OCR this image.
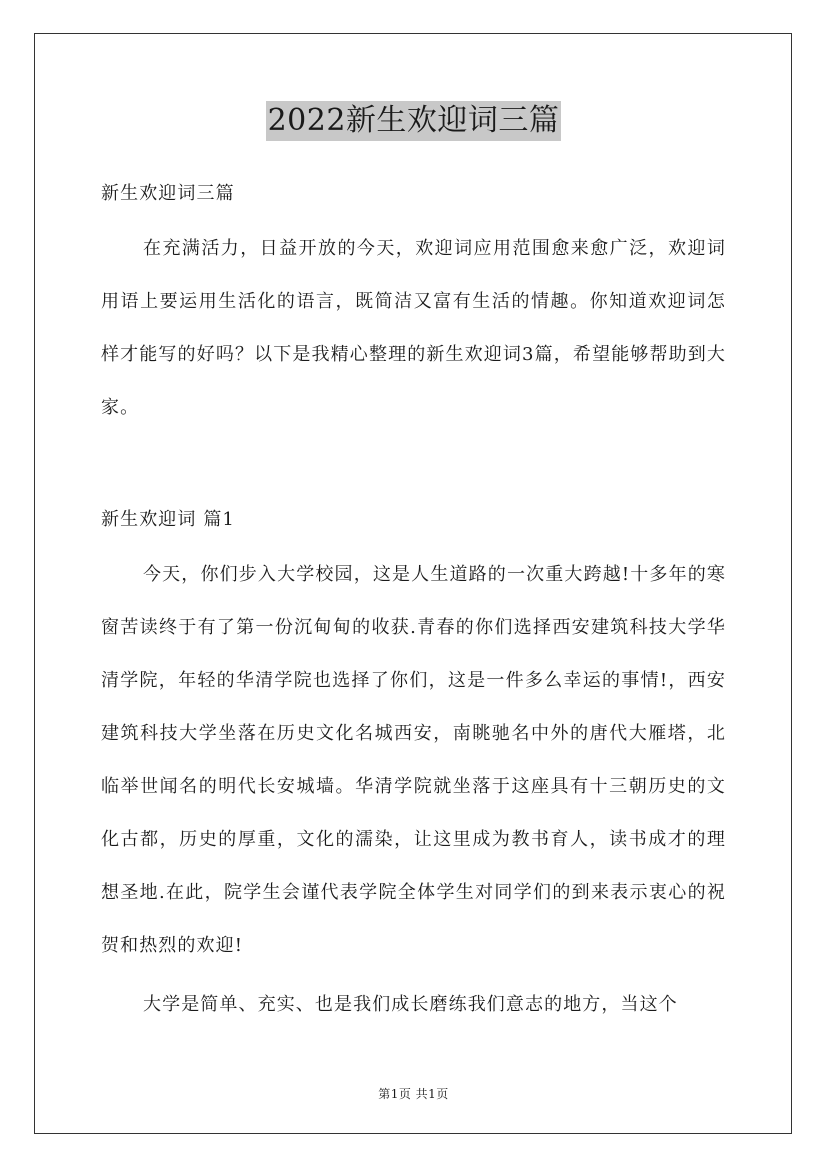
2022新生欢迎词三篇

新生欢迎词三篇

在充满活力，日益开放的今天，欢迎词应用范围愈来愈广泛，欢迎词用语上要运用生活化的语言，既简洁又富有生活的情趣。你知道欢迎词怎样才能写的好吗？以下是我精心整理的新生欢迎词3篇，希望能够帮助到大家。

新生欢迎词 篇1

今天，你们步入大学校园，这是人生道路的一次重大跨越!十多年的寒窗苦读终于有了第一份沉甸甸的收获.青春的你们选择西安建筑科技大学华清学院，年轻的华清学院也选择了你们，这是一件多么幸运的事情!，西安建筑科技大学坐落在历史文化名城西安，南眺驰名中外的唐代大雁塔，北临举世闻名的明代长安城墙。华清学院就坐落于这座具有十三朝历史的文化古都，历史的厚重，文化的濡染，让这里成为教书育人，读书成才的理想圣地.在此，院学生会谨代表学院全体学生对同学们的到来表示衷心的祝贺和热烈的欢迎!

大学是简单、充实、也是我们成长磨练我们意志的地方，当这个

第1页 共1页
